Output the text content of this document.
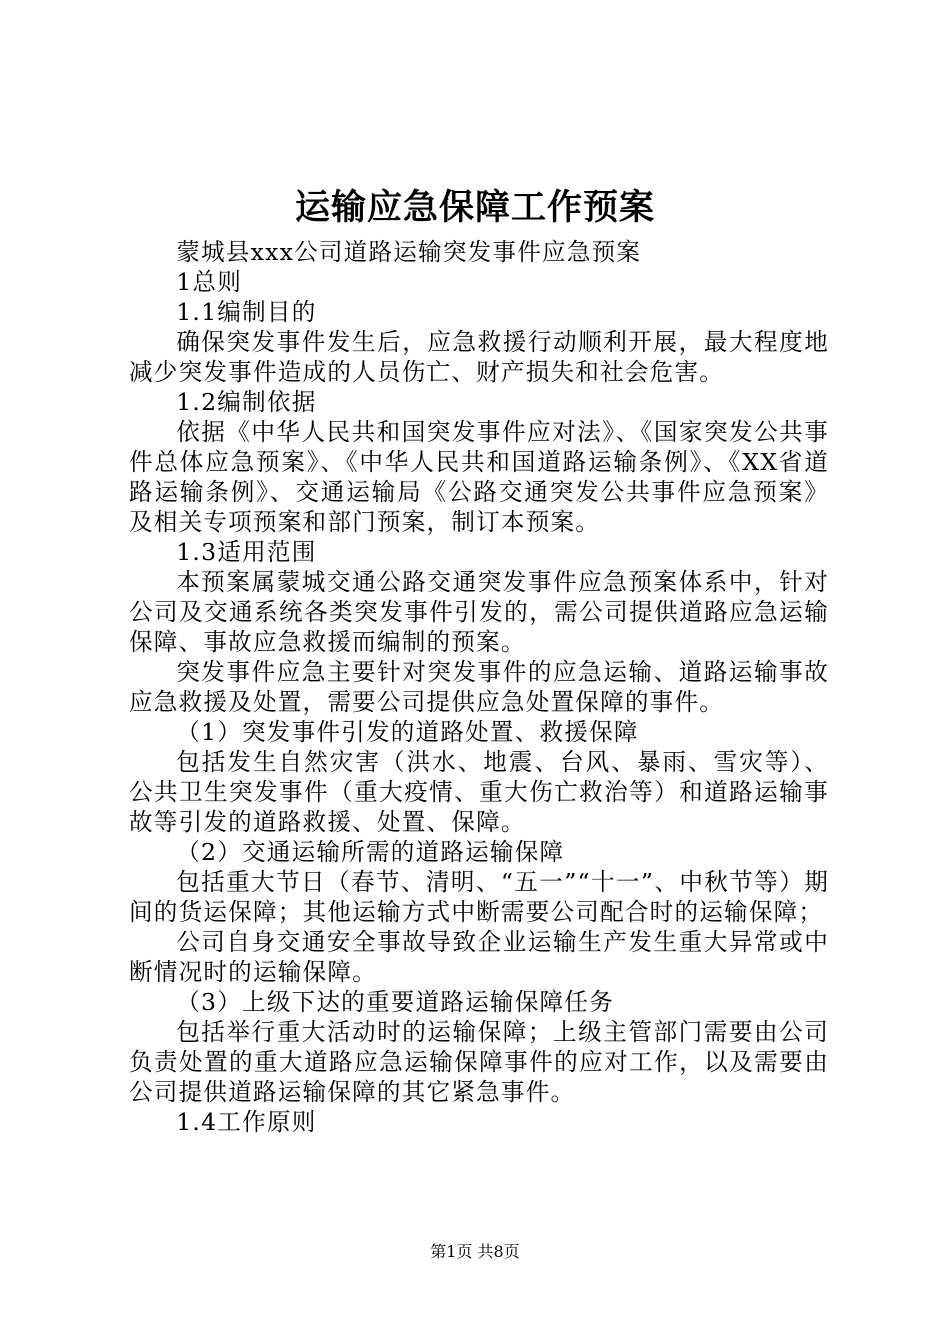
运输应急保障工作预案

蒙城县xxx公司道路运输突发事件应急预案

1总则

1.1编制目的

确保突发事件发生后，应急救援行动顺利开展，最大程度地减少突发事件造成的人员伤亡、财产损失和社会危害。

1.2编制依据

依据《中华人民共和国突发事件应对法》、《国家突发公共事件总体应急预案》、《中华人民共和国道路运输条例》、《XX省道路运输条例》、交通运输局《公路交通突发公共事件应急预案》及相关专项预案和部门预案，制订本预案。

1.3适用范围

本预案属蒙城交通公路交通突发事件应急预案体系中，针对公司及交通系统各类突发事件引发的，需公司提供道路应急运输保障、事故应急救援而编制的预案。

突发事件应急主要针对突发事件的应急运输、道路运输事故应急救援及处置，需要公司提供应急处置保障的事件。

（1）突发事件引发的道路处置、救援保障

包括发生自然灾害（洪水、地震、台风、暴雨、雪灾等）、公共卫生突发事件（重大疫情、重大伤亡救治等）和道路运输事故等引发的道路救援、处置、保障。

（2）交通运输所需的道路运输保障

包括重大节日（春节、清明、“五一”“十一”、中秋节等）期间的货运保障；其他运输方式中断需要公司配合时的运输保障；

公司自身交通安全事故导致企业运输生产发生重大异常或中断情况时的运输保障。

（3）上级下达的重要道路运输保障任务

包括举行重大活动时的运输保障；上级主管部门需要由公司负责处置的重大道路应急运输保障事件的应对工作，以及需要由公司提供道路运输保障的其它紧急事件。

1.4工作原则

第1页 共8页
